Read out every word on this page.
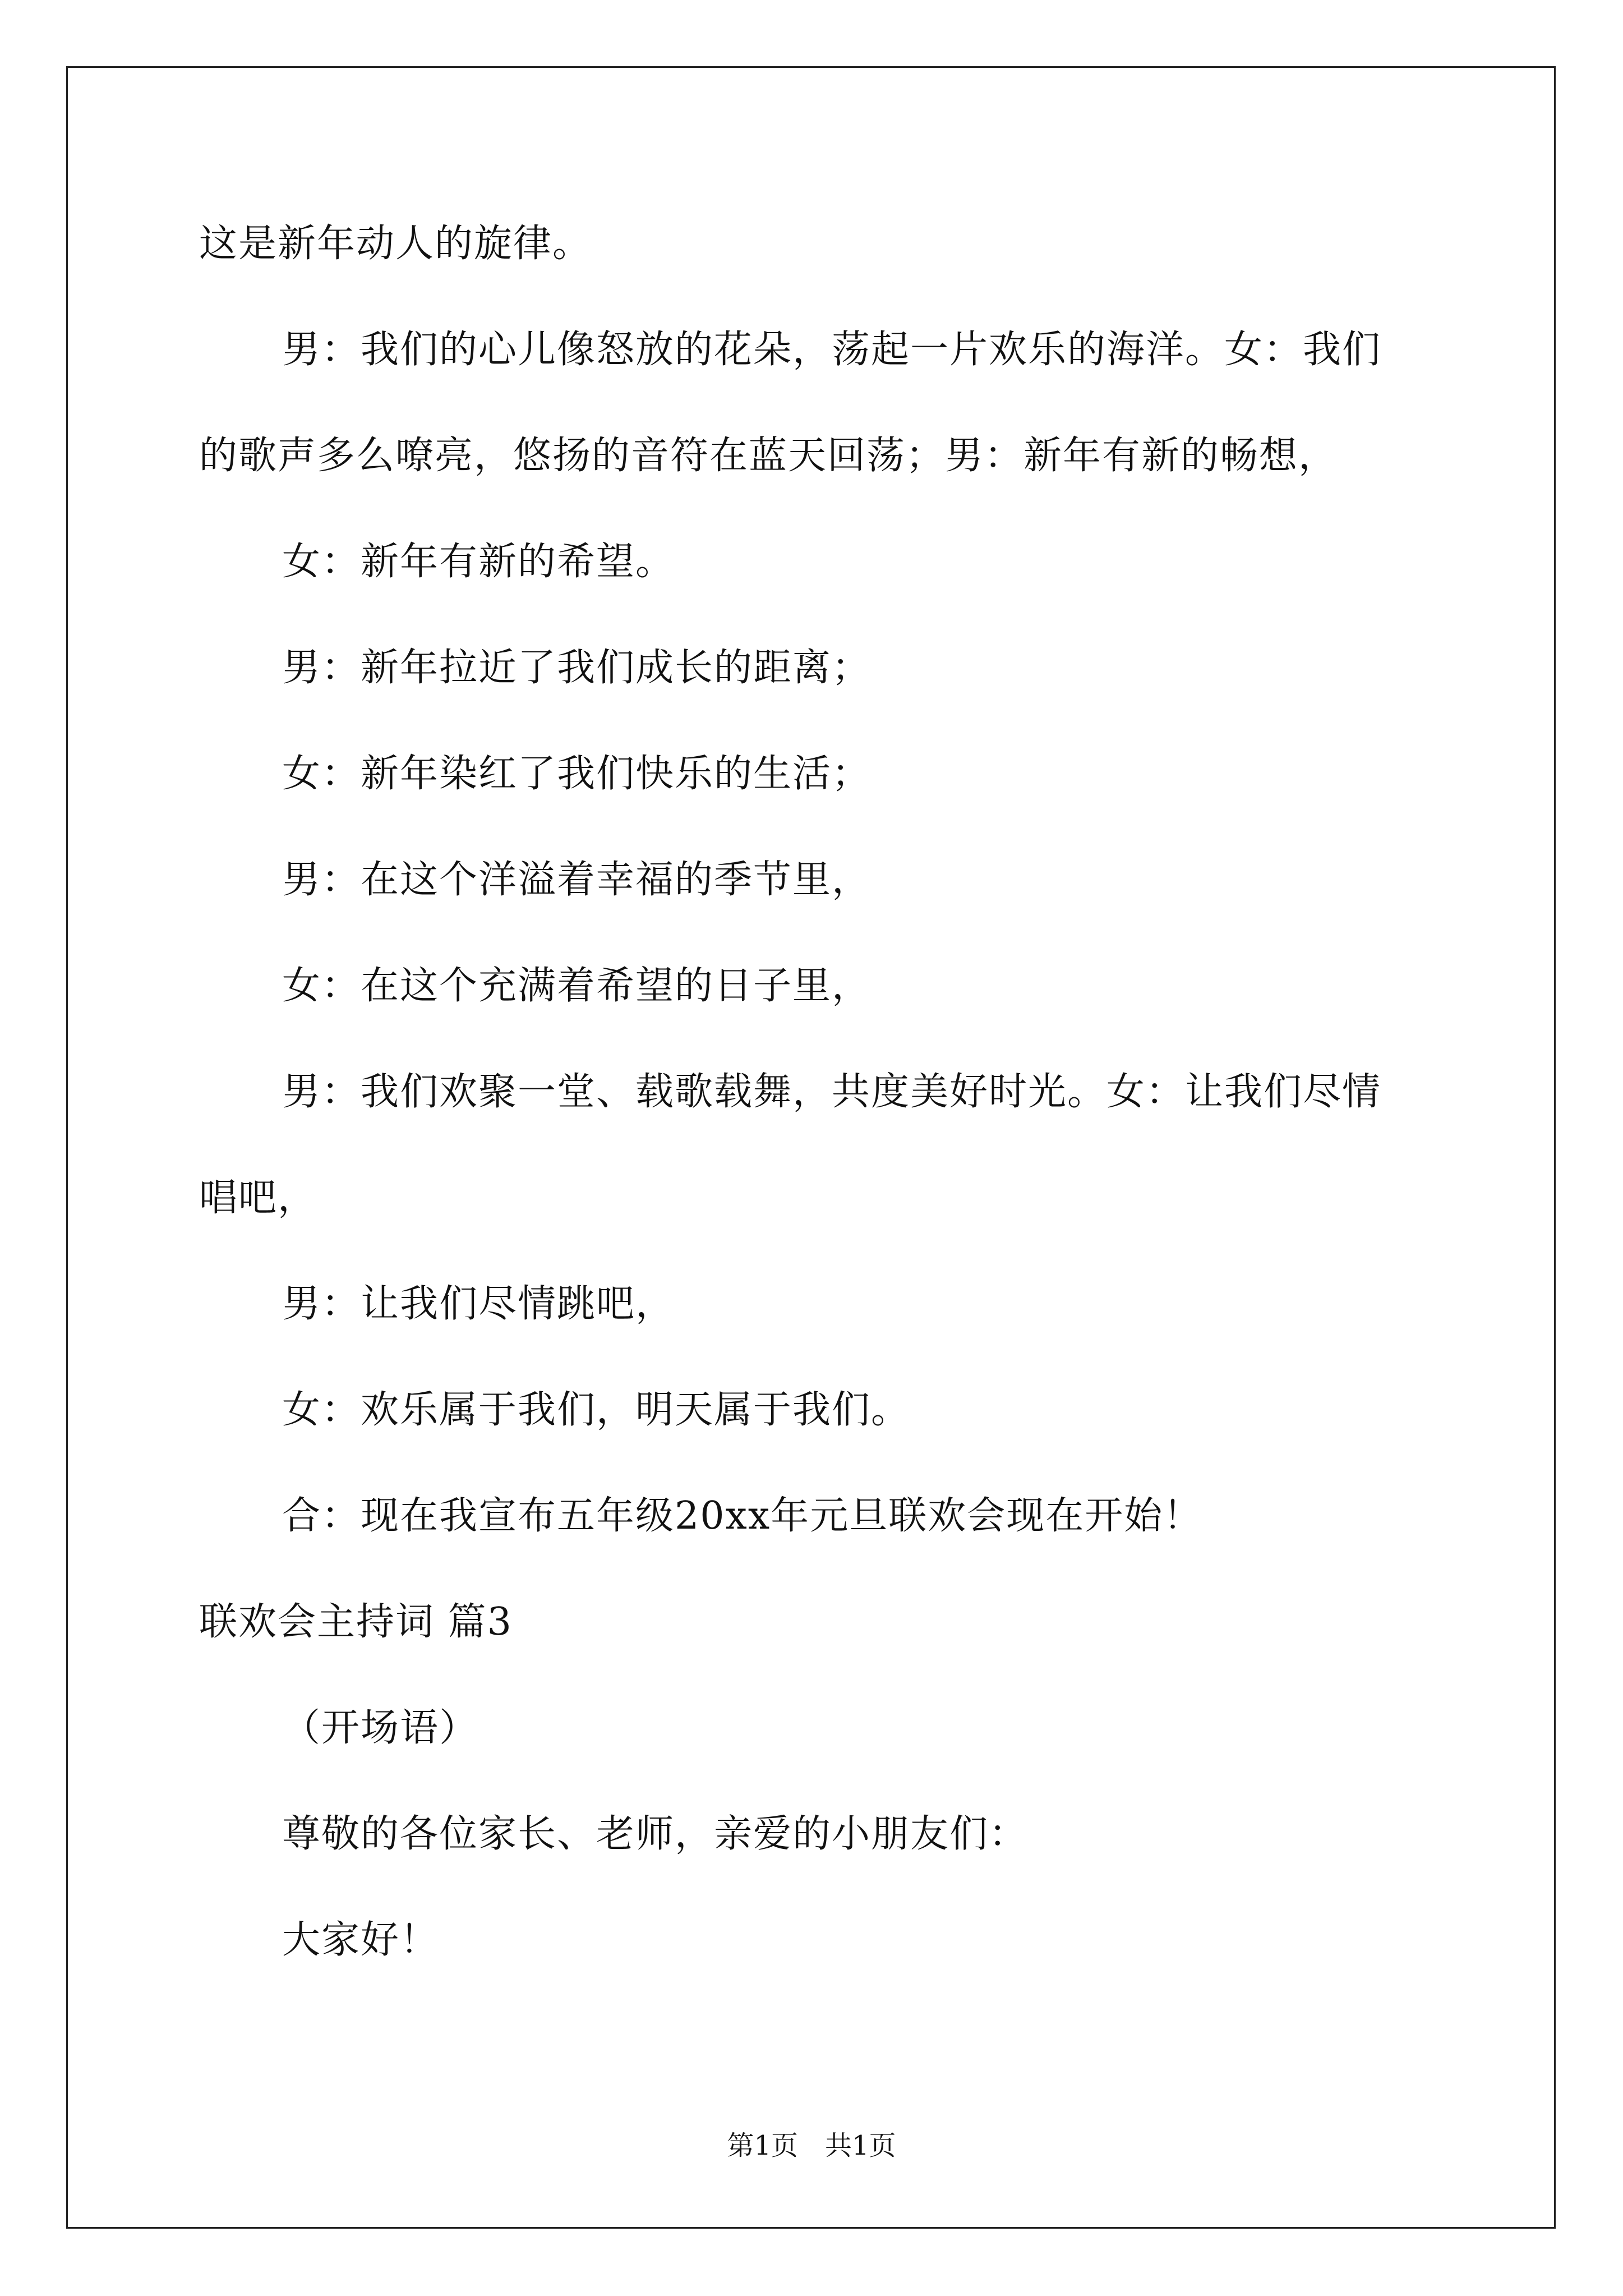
这是新年动人的旋律。

男：我们的心儿像怒放的花朵，荡起一片欢乐的海洋。女：我们

的歌声多么嘹亮，悠扬的音符在蓝天回荡；男：新年有新的畅想，

女：新年有新的希望。

男：新年拉近了我们成长的距离；

女：新年染红了我们快乐的生活；

男：在这个洋溢着幸福的季节里，

女：在这个充满着希望的日子里，

男：我们欢聚一堂、载歌载舞，共度美好时光。女：让我们尽情

唱吧，

男：让我们尽情跳吧，

女：欢乐属于我们，明天属于我们。

合：现在我宣布五年级20xx年元旦联欢会现在开始！

联欢会主持词 篇3

（开场语）

尊敬的各位家长、老师，亲爱的小朋友们：

大家好！

第1页　共1页
